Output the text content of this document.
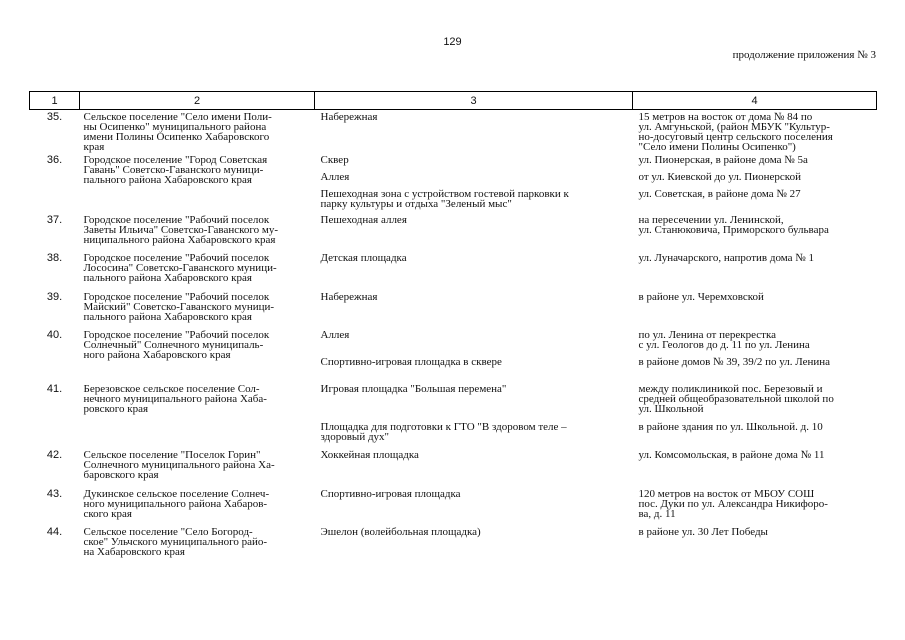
129
продолжение приложения № 3
1	2	3	4
35.	Сельское поселение "Село имени Поли-
ны Осипенко" муниципального района
имени Полины Осипенко Хабаровского
края	Набережная	15 метров на восток от дома № 84 по
ул. Амгуньской, (район МБУК "Культур-
но-досуговый центр сельского поселения
"Село имени Полины Осипенко")
36.	Городское поселение "Город Советская
Гавань" Советско-Гаванского муници-
пального района Хабаровского края	Сквер	ул. Пионерская, в районе дома № 5а
		Аллея	от ул. Киевской до ул. Пионерской
		Пешеходная зона с устройством гостевой парковки к
парку культуры и отдыха "Зеленый мыс"	ул. Советская, в районе дома № 27
37.	Городское поселение "Рабочий поселок
Заветы Ильича" Советско-Гаванского му-
ниципального района Хабаровского края	Пешеходная аллея	на пересечении ул. Ленинской,
ул. Станюковича, Приморского бульвара
38.	Городское поселение "Рабочий поселок
Лососина" Советско-Гаванского муници-
пального района Хабаровского края	Детская площадка	ул. Луначарского, напротив дома № 1
39.	Городское поселение "Рабочий поселок
Майский" Советско-Гаванского муници-
пального района Хабаровского края	Набережная	в районе ул. Черемховской
40.	Городское поселение "Рабочий поселок
Солнечный" Солнечного муниципаль-
ного района Хабаровского края	Аллея	по ул. Ленина от перекрестка
с ул. Геологов до д. 11 по ул. Ленина
		Спортивно-игровая площадка в сквере	в районе домов № 39, 39/2 по ул. Ленина
41.	Березовское сельское поселение Сол-
нечного муниципального района Хаба-
ровского края	Игровая площадка "Большая перемена"	между поликлиникой пос. Березовый и
средней общеобразовательной школой по
ул. Школьной
		Площадка для подготовки к ГТО "В здоровом теле –
здоровый дух"	в районе здания по ул. Школьной. д. 10
42.	Сельское поселение "Поселок Горин"
Солнечного муниципального района Ха-
баровского края	Хоккейная площадка	ул. Комсомольская, в районе дома № 11
43.	Дукинское сельское поселение Солнеч-
ного муниципального района Хабаров-
ского края	Спортивно-игровая площадка	120 метров на восток от МБОУ СОШ
пос. Дуки по ул. Александра Никифоро-
ва, д. 11
44.	Сельское поселение "Село Богород-
ское" Ульчского муниципального райо-
на Хабаровского края	Эшелон (волейбольная площадка)	в районе ул. 30 Лет Победы
